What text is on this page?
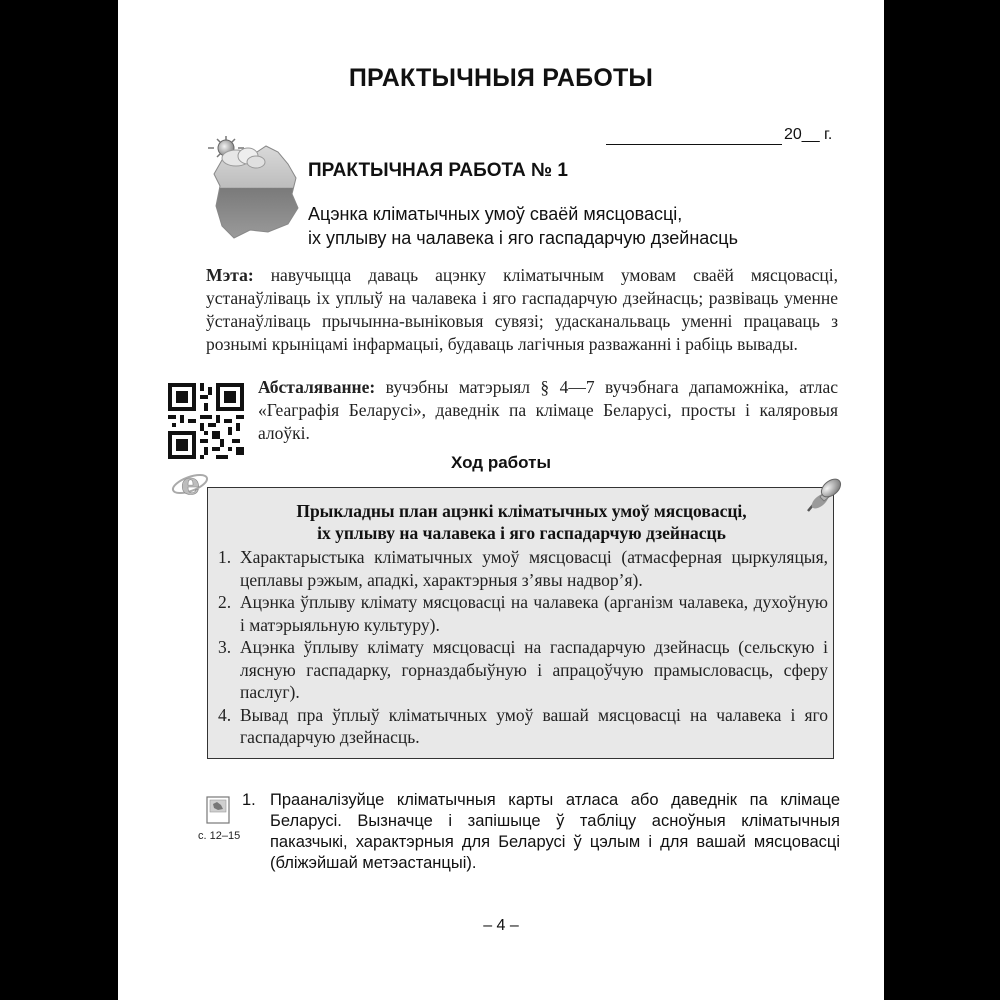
ПРАКТЫЧНЫЯ РАБОТЫ
20__ г.
ПРАКТЫЧНАЯ РАБОТА № 1
Ацэнка кліматычных умоў сваёй мясцовасці,
іх уплыву на чалавека і яго гаспадарчую дзейнасць
Мэта: навучыцца даваць ацэнку кліматычным умовам сваёй мясцовасці, устанаўліваць іх уплыў на чалавека і яго гаспадарчую дзейнасць; развіваць уменне ўстанаўліваць прычынна-выніковыя сувязі; удасканальваць уменні працаваць з рознымі крыніцамі інфармацыі, будаваць лагічныя разважанні і рабіць вывады.
Абсталяванне: вучэбны матэрыял § 4—7 вучэбнага дапаможніка, атлас «Геаграфія Беларусі», даведнік па клімаце Беларусі, просты і каляровыя алоўкі.
e
Ход работы
Прыкладны план ацэнкі кліматычных умоў мясцовасці,
іх уплыву на чалавека і яго гаспадарчую дзейнасць
1. Характарыстыка кліматычных умоў мясцовасці (атмасферная цыркуляцыя, цеплавы рэжым, ападкі, характэрныя з’явы надвор’я).
2. Ацэнка ўплыву клімату мясцовасці на чалавека (арганізм чалавека, духоўную і матэрыяльную культуру).
3. Ацэнка ўплыву клімату мясцовасці на гаспадарчую дзейнасць (сельскую і лясную гаспадарку, горназдабыўную і апрацоўчую прамысловасць, сферу паслуг).
4. Вывад пра ўплыў кліматычных умоў вашай мясцовасці на чалавека і яго гаспадарчую дзейнасць.
с. 12–15
1. Прааналізуйце кліматычныя карты атласа або даведнік па клімаце Беларусі. Вызначце і запішыце ў табліцу асноўныя кліматычныя паказчыкі, характэрныя для Беларусі ў цэлым і для вашай мясцовасці (бліжэйшай метэастанцыі).
– 4 –
